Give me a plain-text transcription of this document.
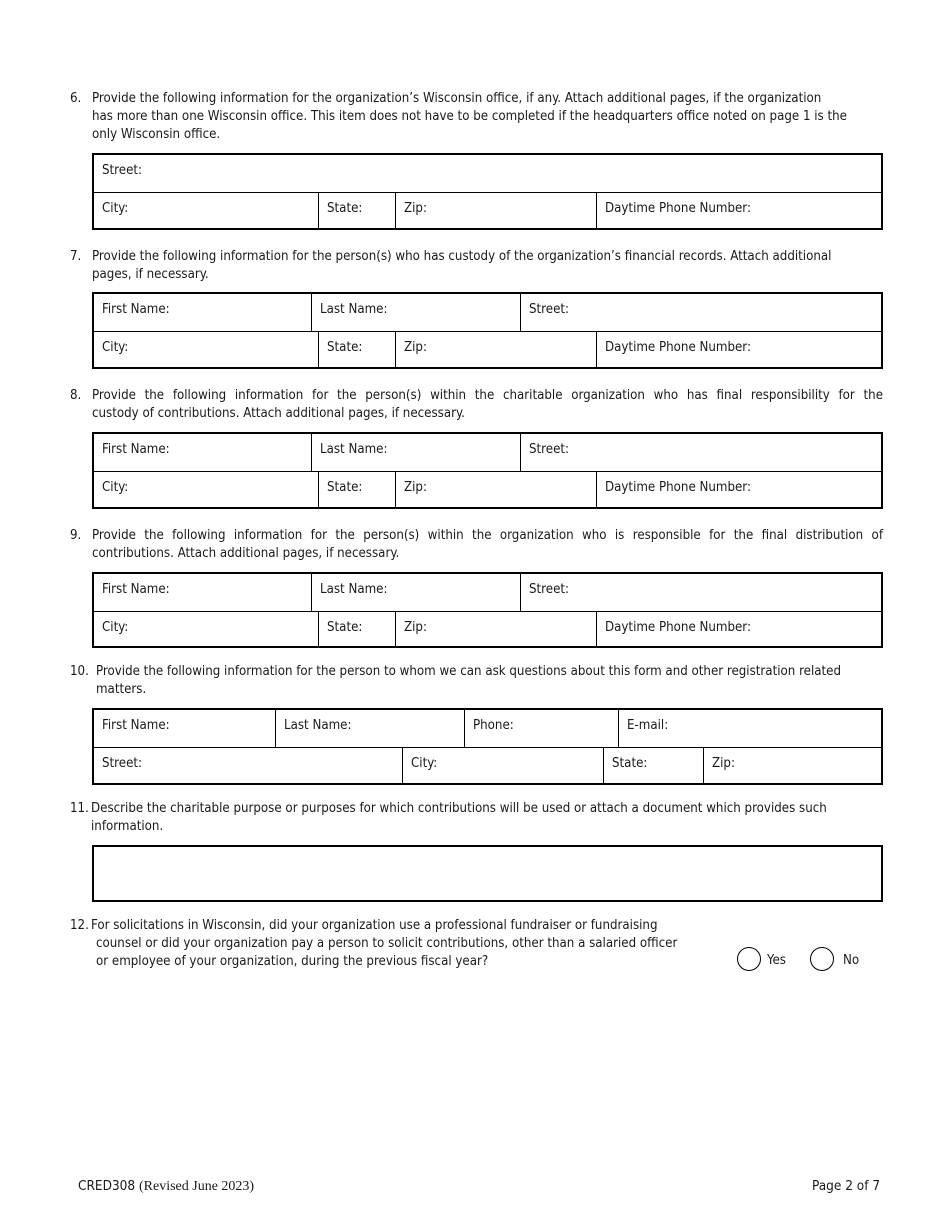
6. Provide the following information for the organization’s Wisconsin office, if any. Attach additional pages, if the organization
has more than one Wisconsin office. This item does not have to be completed if the headquarters office noted on page 1 is the
only Wisconsin office.
Street:
City:	State:	Zip:	Daytime Phone Number:
7. Provide the following information for the person(s) who has custody of the organization’s financial records. Attach additional
pages, if necessary.
First Name:	Last Name:	Street:
City:	State:	Zip:	Daytime Phone Number:
8. Provide the following information for the person(s) within the charitable organization who has final responsibility for the
custody of contributions. Attach additional pages, if necessary.
First Name:	Last Name:	Street:
City:	State:	Zip:	Daytime Phone Number:
9. Provide the following information for the person(s) within the organization who is responsible for the final distribution of
contributions. Attach additional pages, if necessary.
First Name:	Last Name:	Street:
City:	State:	Zip:	Daytime Phone Number:
10. Provide the following information for the person to whom we can ask questions about this form and other registration related
matters.
First Name:	Last Name:	Phone:	E-mail:
Street:	City:	State:	Zip:
11. Describe the charitable purpose or purposes for which contributions will be used or attach a document which provides such
information.
12. For solicitations in Wisconsin, did your organization use a professional fundraiser or fundraising
counsel or did your organization pay a person to solicit contributions, other than a salaried officer
or employee of your organization, during the previous fiscal year?	Yes	No
CRED308 (Revised June 2023)	Page 2 of 7
